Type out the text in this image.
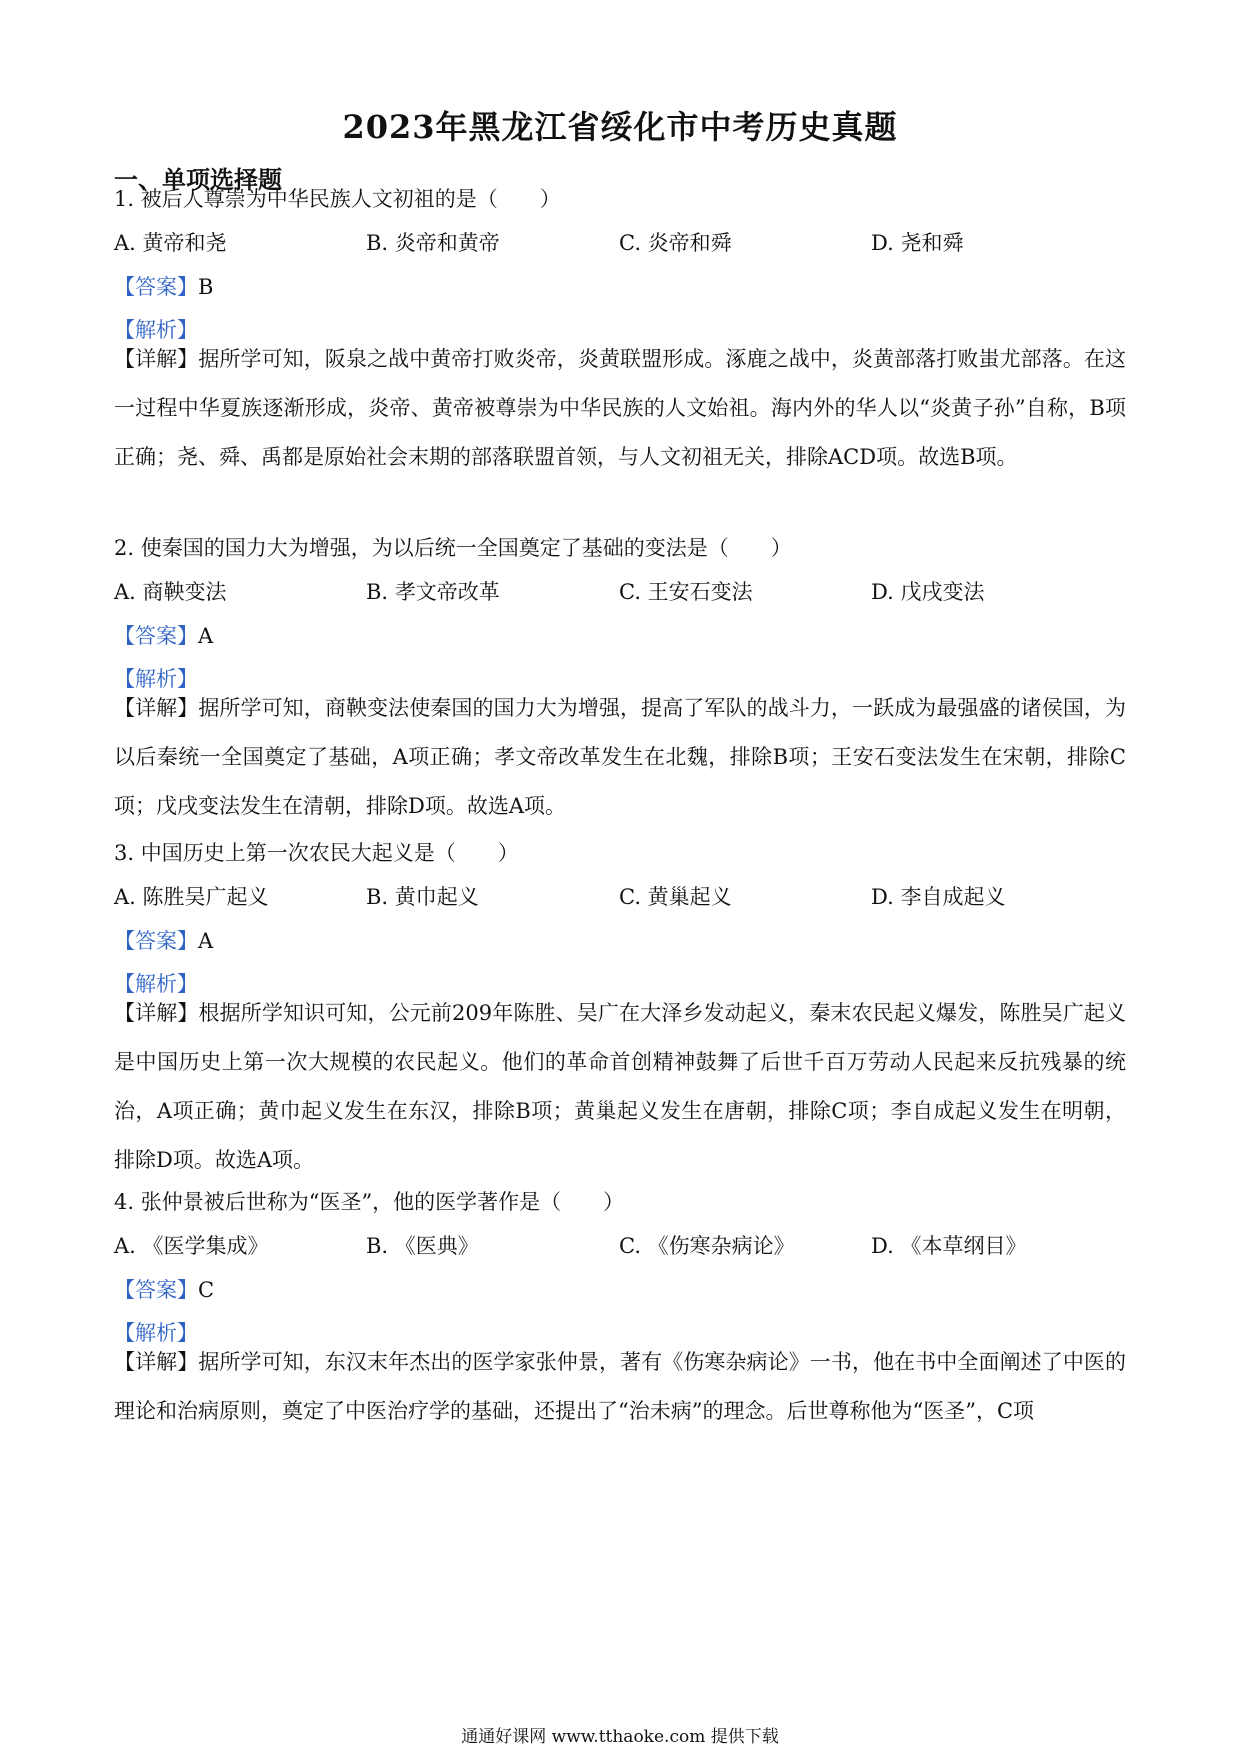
2023年黑龙江省绥化市中考历史真题
一、单项选择题
1. 被后人尊崇为中华民族人文初祖的是（　　）
A. 黄帝和尧	B. 炎帝和黄帝	C. 炎帝和舜	D. 尧和舜
【答案】B
【解析】
【详解】据所学可知，阪泉之战中黄帝打败炎帝，炎黄联盟形成。涿鹿之战中，炎黄部落打败蚩尤部落。在这一过程中华夏族逐渐形成，炎帝、黄帝被尊崇为中华民族的人文始祖。海内外的华人以“炎黄子孙”自称，B项正确；尧、舜、禹都是原始社会末期的部落联盟首领，与人文初祖无关，排除ACD项。故选B项。
2. 使秦国的国力大为增强，为以后统一全国奠定了基础的变法是（　　）
A. 商鞅变法	B. 孝文帝改革	C. 王安石变法	D. 戊戌变法
【答案】A
【解析】
【详解】据所学可知，商鞅变法使秦国的国力大为增强，提高了军队的战斗力，一跃成为最强盛的诸侯国，为以后秦统一全国奠定了基础，A项正确；孝文帝改革发生在北魏，排除B项；王安石变法发生在宋朝，排除C项；戊戌变法发生在清朝，排除D项。故选A项。
3. 中国历史上第一次农民大起义是（　　）
A. 陈胜吴广起义	B. 黄巾起义	C. 黄巢起义	D. 李自成起义
【答案】A
【解析】
【详解】根据所学知识可知，公元前209年陈胜、吴广在大泽乡发动起义，秦末农民起义爆发，陈胜吴广起义是中国历史上第一次大规模的农民起义。他们的革命首创精神鼓舞了后世千百万劳动人民起来反抗残暴的统治，A项正确；黄巾起义发生在东汉，排除B项；黄巢起义发生在唐朝，排除C项；李自成起义发生在明朝，排除D项。故选A项。
4. 张仲景被后世称为“医圣”，他的医学著作是（　　）
A. 《医学集成》	B. 《医典》	C. 《伤寒杂病论》	D. 《本草纲目》
【答案】C
【解析】
【详解】据所学可知，东汉末年杰出的医学家张仲景，著有《伤寒杂病论》一书，他在书中全面阐述了中医的理论和治病原则，奠定了中医治疗学的基础，还提出了“治未病”的理念。后世尊称他为“医圣”，C项
通通好课网 www.tthaoke.com 提供下载
